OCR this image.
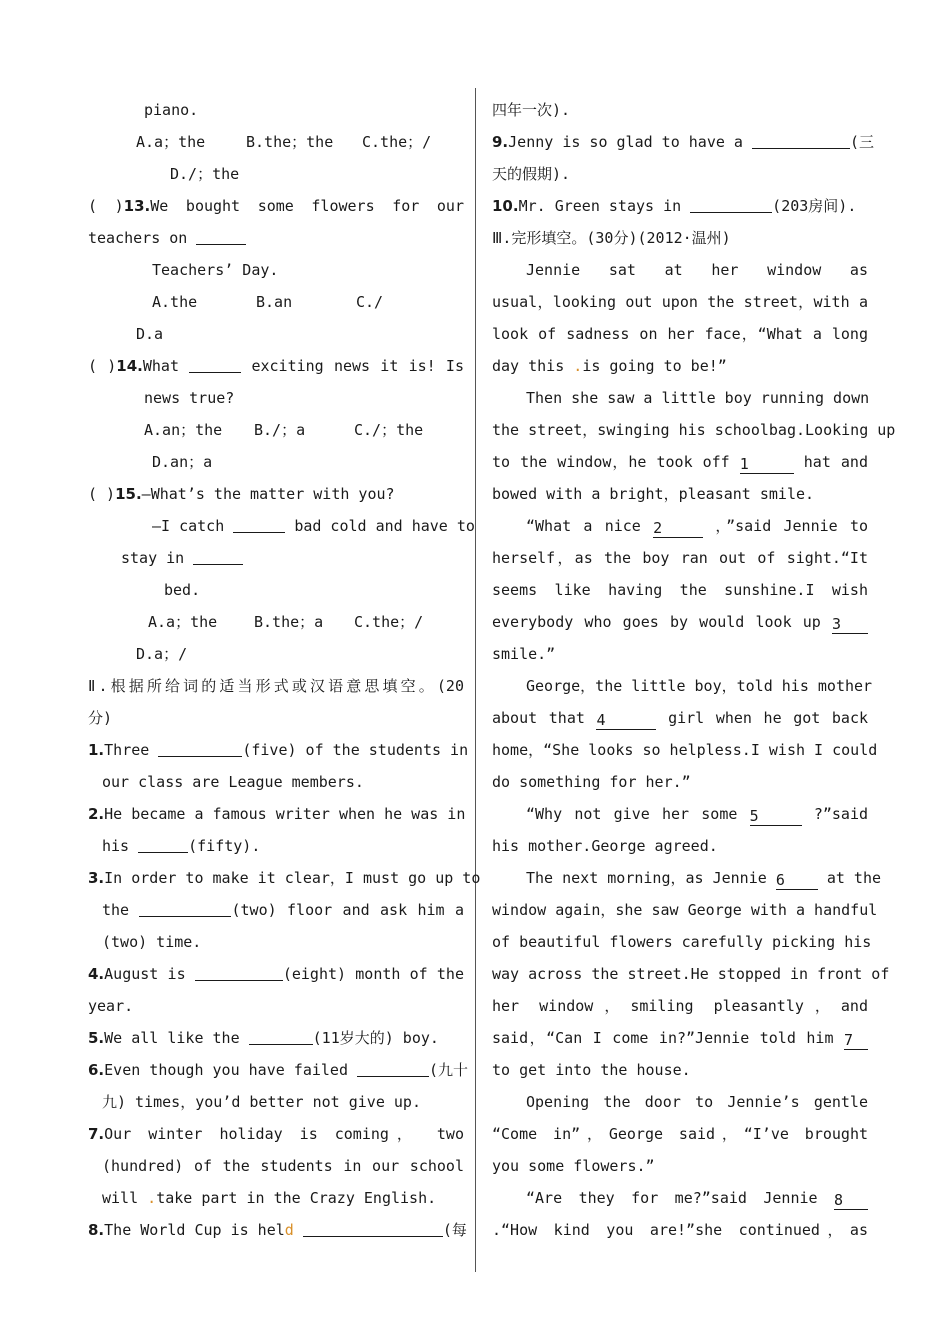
piano.
A.a；the	B.the；the C.the；/
D./；the
( )13.We bought some flowers for our
teachers on
Teachers’ Day.
A.the	B.an	C./
D.a
( )14.What	exciting news it is! Is
news true?
A.an；the B./；a	C./；the
D.an；a
( )15.—What’s the matter with you?
—I catch	bad cold and have to
stay in
bed.
A.a；the B.the；a C.the；/
D.a；/
Ⅱ.根据所给词的适当形式或汉语意思填空。(20
分)
1.Three	(five) of the students in
our class are League members.
2.He became a famous writer when he was in
his	(fifty).
3.In order to make it clear，I must go up to
the	(two) floor and ask him a
(two) time.
4.August is	(eight) month of the
year.
5.We all like the	(11岁大的) boy.
6.Even though you have failed	(九十
九) times，you’d better not give up.
7.Our winter holiday is coming， two
(hundred) of the students in our school
will .take part in the Crazy English.
8.The World Cup is held	(每
四年一次).
9.Jenny is so glad to have a	(三
天的假期).
10.Mr. Green stays in	(203房间).
Ⅲ.完形填空。(30分)(2012·温州)
Jennie sat at her window as
usual，looking out upon the street，with a
look of sadness on her face，“What a long
day this .is going to be!”
Then she saw a little boy running down
the street，swinging his schoolbag.Looking up
to the window，he took off 1	hat and
bowed with a bright，pleasant smile.
“What a nice 2	，”said Jennie to
herself，as the boy ran out of sight.“It
seems like having the sunshine.I wish
everybody who goes by would look up 3
smile.”
George，the little boy，told his mother
about that 4	girl when he got back
home，“She looks so helpless.I wish I could
do something for her.”
“Why not give her some 5	?”said
his mother.George agreed.
The next morning，as Jennie 6	at the
window again，she saw George with a handful
of beautiful flowers carefully picking his
way across the street.He stopped in front of
her window，smiling pleasantly，and
said，“Can I come in?”Jennie told him 7
to get into the house.
Opening the door to Jennie’s gentle
“Come in”，George said，“I’ve brought
you some flowers.”
“Are they for me?”said Jennie 8
.“How kind you are!”she continued，as
